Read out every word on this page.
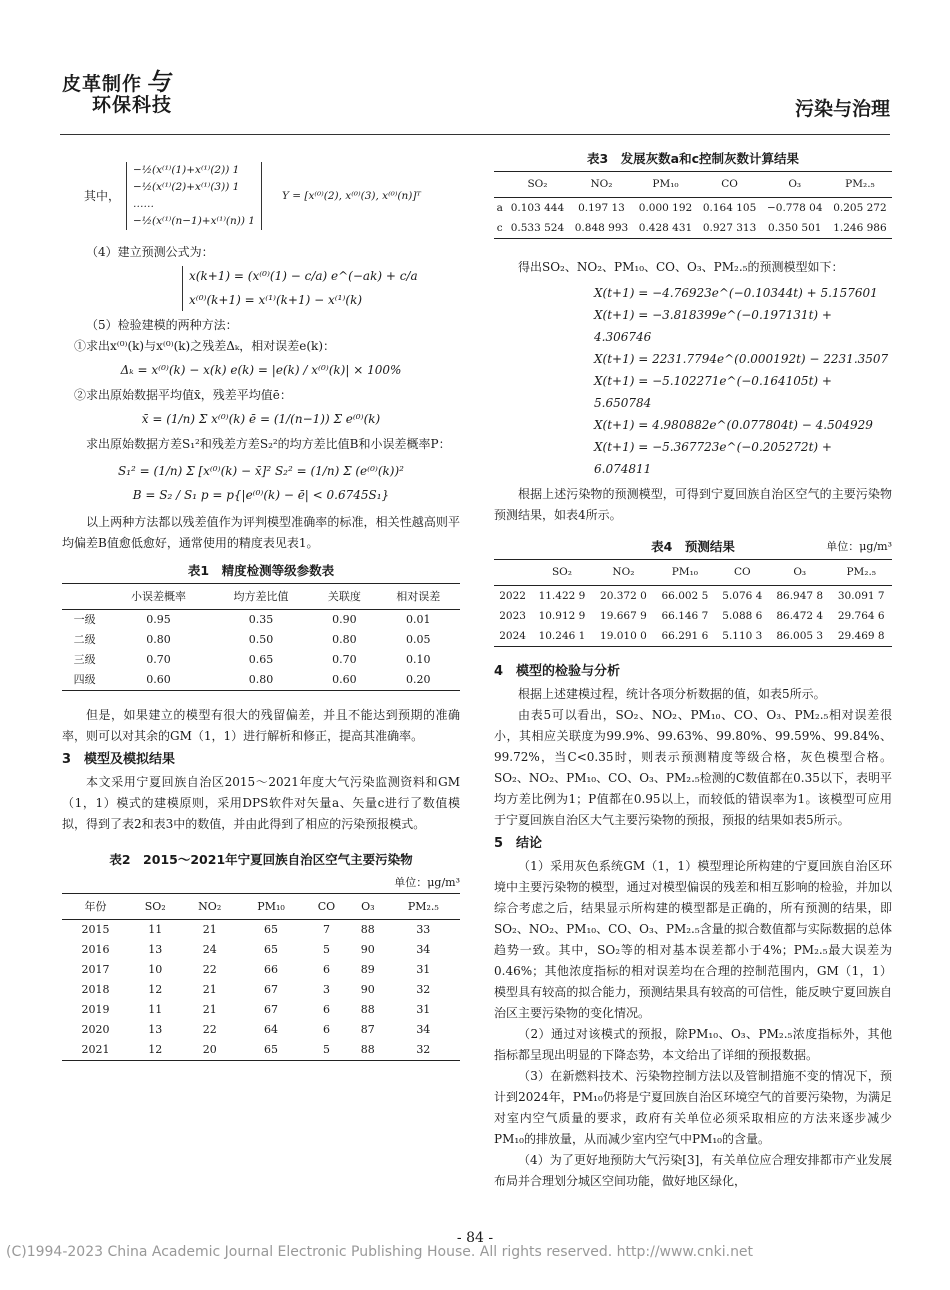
皮革制作 与
环保科技	污染与治理
其中，
−½(x⁽¹⁾(1)+x⁽¹⁾(2)) 1
−½(x⁽¹⁾(2)+x⁽¹⁾(3)) 1
……
−½(x⁽¹⁾(n−1)+x⁽¹⁾(n)) 1
Y = [x⁽⁰⁾(2), x⁽⁰⁾(3), x⁽⁰⁾(n)]ᵀ

（4）建立预测公式为：

x(k+1) = (x⁽⁰⁾(1) − c/a) e^(−ak) + c/a
x⁽⁰⁾(k+1) = x⁽¹⁾(k+1) − x⁽¹⁾(k)

（5）检验建模的两种方法：

①求出x⁽⁰⁾(k)与x⁽⁰⁾(k)之残差Δₖ，相对误差e(k)：

Δₖ = x⁽⁰⁾(k) − x(k) e(k) = |e(k) / x⁽⁰⁾(k)| × 100%

②求出原始数据平均值x̄，残差平均值ē：

x̄ = (1/n) Σ x⁽⁰⁾(k) ē = (1/(n−1)) Σ e⁽⁰⁾(k)

求出原始数据方差S₁²和残差方差S₂²的均方差比值B和小误差概率P：

S₁² = (1/n) Σ [x⁽⁰⁾(k) − x̄]² S₂² = (1/n) Σ (e⁽⁰⁾(k))²
B = S₂ / S₁ p = p{|e⁽⁰⁾(k) − ē| < 0.6745S₁}

以上两种方法都以残差值作为评判模型准确率的标准，相关性越高则平均偏差B值愈低愈好，通常使用的精度表见表1。

表1　精度检测等级参数表
	小误差概率	均方差比值	关联度	相对误差
一级	0.95	0.35	0.90	0.01
二级	0.80	0.50	0.80	0.05
三级	0.70	0.65	0.70	0.10
四级	0.60	0.80	0.60	0.20

但是，如果建立的模型有很大的残留偏差，并且不能达到预期的准确率，则可以对其余的GM（1，1）进行解析和修正，提高其准确率。

3　模型及模拟结果

本文采用宁夏回族自治区2015～2021年度大气污染监测资料和GM（1，1）模式的建模原则，采用DPS软件对矢量a、矢量c进行了数值模拟，得到了表2和表3中的数值，并由此得到了相应的污染预报模式。

表2　2015～2021年宁夏回族自治区空气主要污染物
单位：μg/m³
年份	SO₂	NO₂	PM₁₀	CO	O₃	PM₂.₅
2015	11	21	65	7	88	33
2016	13	24	65	5	90	34
2017	10	22	66	6	89	31
2018	12	21	67	3	90	32
2019	11	21	67	6	88	31
2020	13	22	64	6	87	34
2021	12	20	65	5	88	32
表3　发展灰数a和c控制灰数计算结果
	SO₂	NO₂	PM₁₀	CO	O₃	PM₂.₅
a	0.103 444	0.197 13	0.000 192	0.164 105	−0.778 04	0.205 272
c	0.533 524	0.848 993	0.428 431	0.927 313	0.350 501	1.246 986

得出SO₂、NO₂、PM₁₀、CO、O₃、PM₂.₅的预测模型如下：

X(t+1) = −4.76923e^(−0.10344t) + 5.157601
X(t+1) = −3.818399e^(−0.197131t) + 4.306746
X(t+1) = 2231.7794e^(0.000192t) − 2231.3507
X(t+1) = −5.102271e^(−0.164105t) + 5.650784
X(t+1) = 4.980882e^(0.077804t) − 4.504929
X(t+1) = −5.367723e^(−0.205272t) + 6.074811

根据上述污染物的预测模型，可得到宁夏回族自治区空气的主要污染物预测结果，如表4所示。

表4　预测结果	单位：μg/m³
	SO₂	NO₂	PM₁₀	CO	O₃	PM₂.₅
2022	11.422 9	20.372 0	66.002 5	5.076 4	86.947 8	30.091 7
2023	10.912 9	19.667 9	66.146 7	5.088 6	86.472 4	29.764 6
2024	10.246 1	19.010 0	66.291 6	5.110 3	86.005 3	29.469 8
4　模型的检验与分析

根据上述建模过程，统计各项分析数据的值，如表5所示。

由表5可以看出，SO₂、NO₂、PM₁₀、CO、O₃、PM₂.₅相对误差很小，其相应关联度为99.9%、99.63%、99.80%、99.59%、99.84%、99.72%，当C<0.35时，则表示预测精度等级合格，灰色模型合格。SO₂、NO₂、PM₁₀、CO、O₃、PM₂.₅检测的C数值都在0.35以下，表明平均方差比例为1；P值都在0.95以上，而较低的错误率为1。该模型可应用于宁夏回族自治区大气主要污染物的预报，预报的结果如表5所示。

5　结论

（1）采用灰色系统GM（1，1）模型理论所构建的宁夏回族自治区环境中主要污染物的模型，通过对模型偏误的残差和相互影响的检验，并加以综合考虑之后，结果显示所构建的模型都是正确的，所有预测的结果，即SO₂、NO₂、PM₁₀、CO、O₃、PM₂.₅含量的拟合数值都与实际数据的总体趋势一致。其中，SO₂等的相对基本误差都小于4%；PM₂.₅最大误差为0.46%；其他浓度指标的相对误差均在合理的控制范围内，GM（1，1）模型具有较高的拟合能力，预测结果具有较高的可信性，能反映宁夏回族自治区主要污染物的变化情况。

（2）通过对该模式的预报，除PM₁₀、O₃、PM₂.₅浓度指标外，其他指标都呈现出明显的下降态势，本文给出了详细的预报数据。

（3）在新燃料技术、污染物控制方法以及管制措施不变的情况下，预计到2024年，PM₁₀仍将是宁夏回族自治区环境空气的首要污染物，为满足对室内空气质量的要求，政府有关单位必须采取相应的方法来逐步减少PM₁₀的排放量，从而减少室内空气中PM₁₀的含量。

（4）为了更好地预防大气污染[3]，有关单位应合理安排都市产业发展布局并合理划分城区空间功能，做好地区绿化，

- 84 -
(C)1994-2023 China Academic Journal Electronic Publishing House. All rights reserved. http://www.cnki.net
